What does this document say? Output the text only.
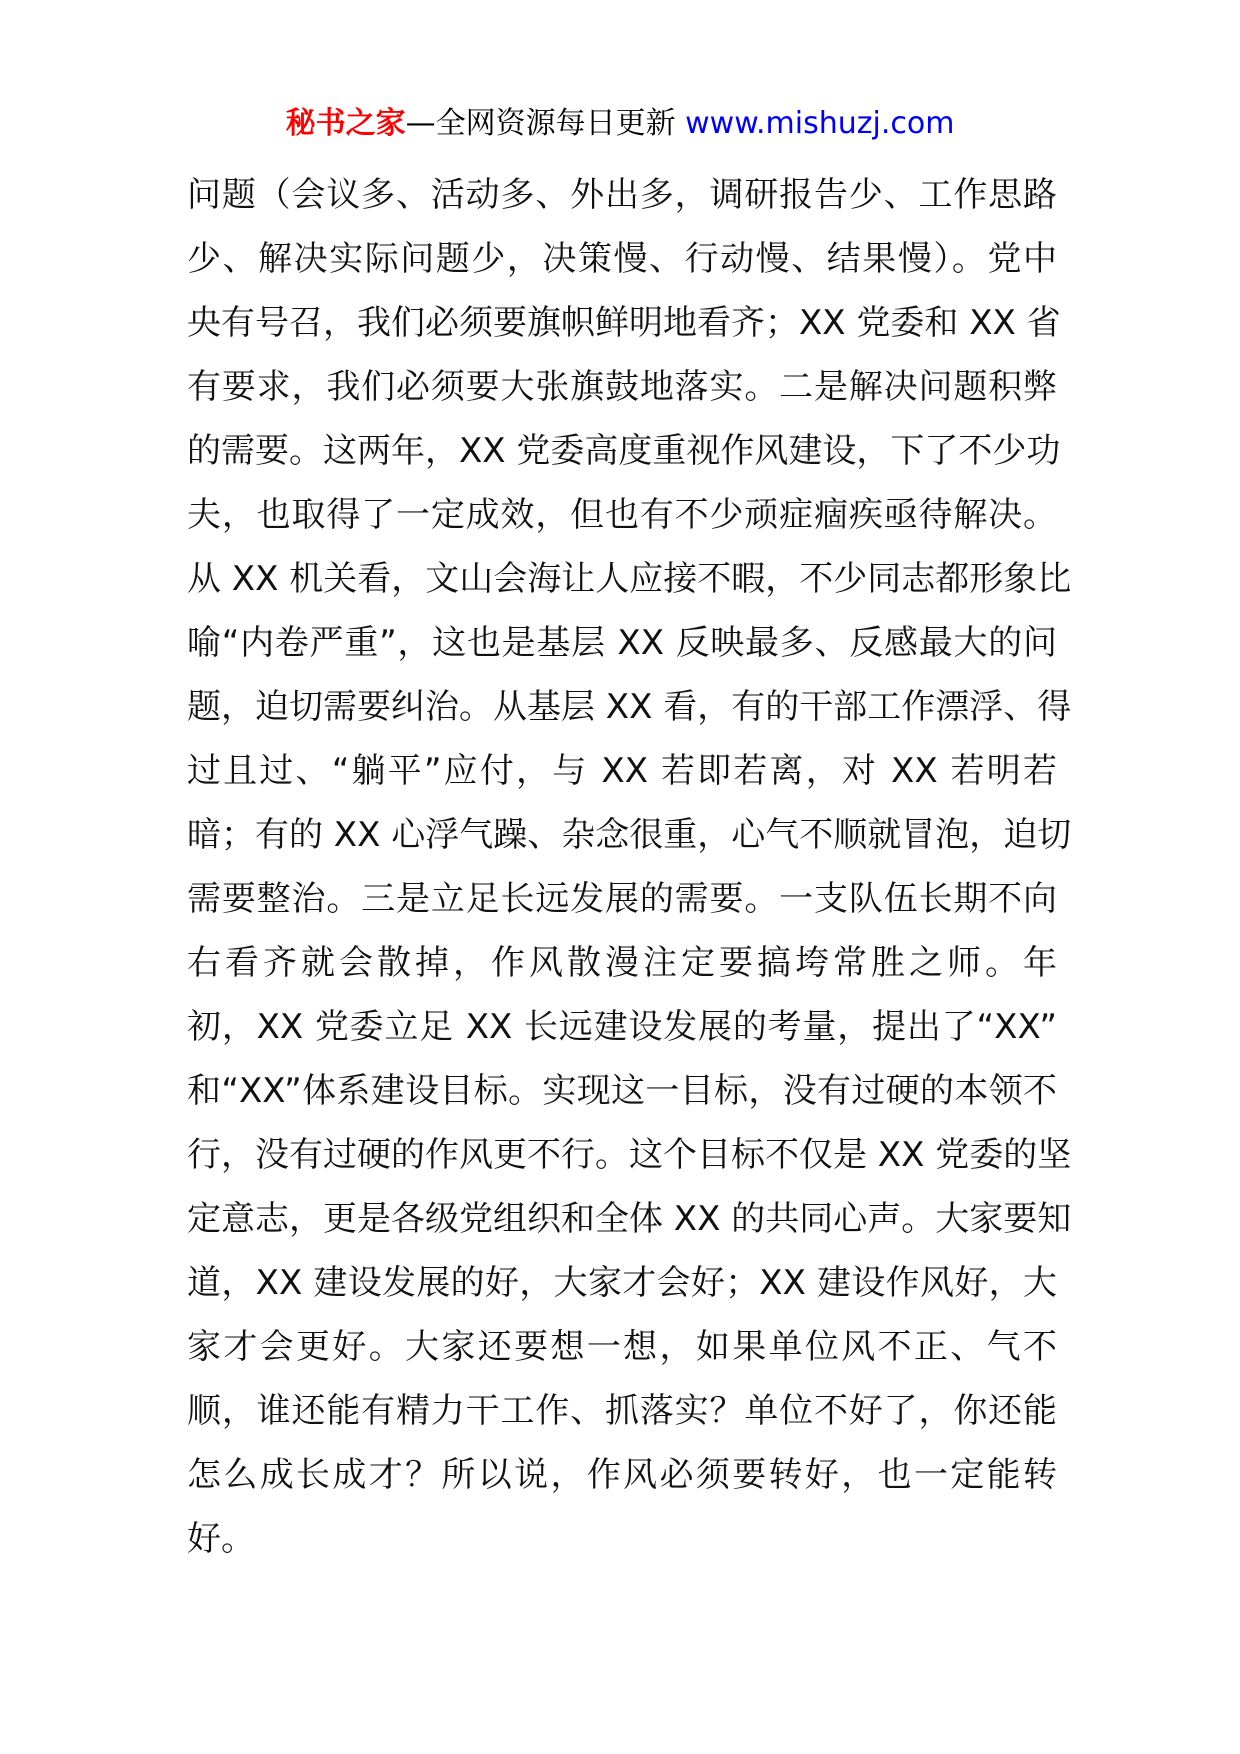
秘书之家—全网资源每日更新 www.mishuzj.com
问题（会议多、活动多、外出多，调研报告少、工作思路
少、解决实际问题少，决策慢、行动慢、结果慢）。党中
央有号召，我们必须要旗帜鲜明地看齐；XX 党委和 XX 省
有要求，我们必须要大张旗鼓地落实。二是解决问题积弊
的需要。这两年，XX 党委高度重视作风建设，下了不少功
夫，也取得了一定成效，但也有不少顽症痼疾亟待解决。
从 XX 机关看，文山会海让人应接不暇，不少同志都形象比
喻“内卷严重”，这也是基层 XX 反映最多、反感最大的问
题，迫切需要纠治。从基层 XX 看，有的干部工作漂浮、得
过且过、“躺平”应付，与 XX 若即若离，对 XX 若明若
暗；有的 XX 心浮气躁、杂念很重，心气不顺就冒泡，迫切
需要整治。三是立足长远发展的需要。一支队伍长期不向
右看齐就会散掉，作风散漫注定要搞垮常胜之师。年
初，XX 党委立足 XX 长远建设发展的考量，提出了“XX”
和“XX”体系建设目标。实现这一目标，没有过硬的本领不
行，没有过硬的作风更不行。这个目标不仅是 XX 党委的坚
定意志，更是各级党组织和全体 XX 的共同心声。大家要知
道，XX 建设发展的好，大家才会好；XX 建设作风好，大
家才会更好。大家还要想一想，如果单位风不正、气不
顺，谁还能有精力干工作、抓落实？单位不好了，你还能
怎么成长成才？所以说，作风必须要转好，也一定能转
好。
